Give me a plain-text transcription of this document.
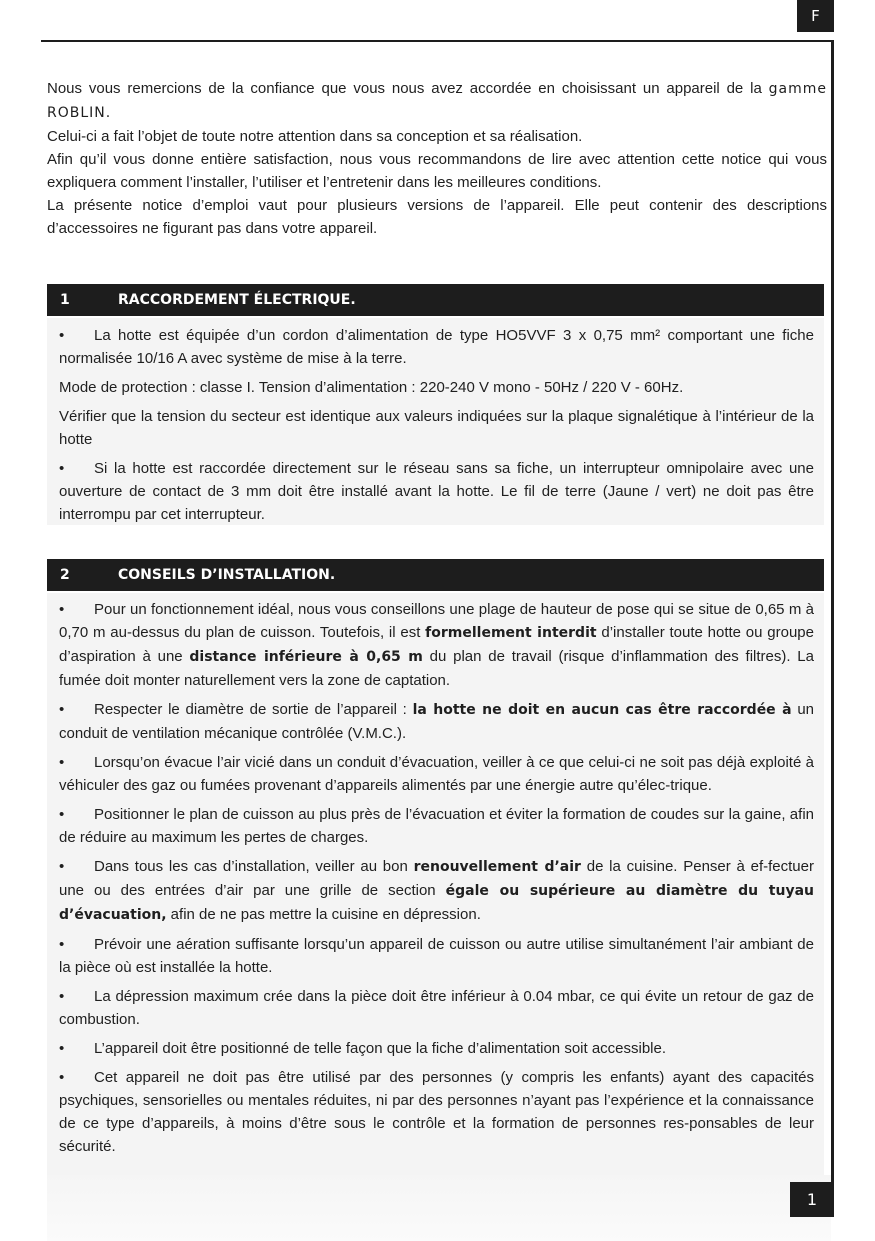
F

Nous vous remercions de la confiance que vous nous avez accordée en choisissant un appareil de la gamme ROBLIN.

Celui-ci a fait l’objet de toute notre attention dans sa conception et sa réalisation.

Afin qu’il vous donne entière satisfaction, nous vous recommandons de lire avec attention cette notice qui vous expliquera comment l’installer, l’utiliser et l’entretenir dans les meilleures conditions.

La présente notice d’emploi vaut pour plusieurs versions de l’appareil. Elle peut contenir des descriptions d’accessoires ne figurant pas dans votre appareil.

1	RACCORDEMENT ÉLECTRIQUE.

• La hotte est équipée d’un cordon d’alimentation de type HO5VVF 3 x 0,75 mm² comportant une fiche normalisée 10/16 A avec système de mise à la terre.

Mode de protection : classe I. Tension d’alimentation : 220-240 V mono - 50Hz / 220 V - 60Hz.

Vérifier que la tension du secteur est identique aux valeurs indiquées sur la plaque signalétique à l’intérieur de la hotte

• Si la hotte est raccordée directement sur le réseau sans sa fiche, un interrupteur omnipolaire avec une ouverture de contact de 3 mm doit être installé avant la hotte. Le fil de terre (Jaune / vert) ne doit pas être interrompu par cet interrupteur.

2	CONSEILS D’INSTALLATION.

• Pour un fonctionnement idéal, nous vous conseillons une plage de hauteur de pose qui se situe de 0,65 m à 0,70 m au-dessus du plan de cuisson. Toutefois, il est formellement interdit d’installer toute hotte ou groupe d’aspiration à une distance inférieure à 0,65 m du plan de travail (risque d’inflammation des filtres). La fumée doit monter naturellement vers la zone de captation.

• Respecter le diamètre de sortie de l’appareil : la hotte ne doit en aucun cas être raccordée à un conduit de ventilation mécanique contrôlée (V.M.C.).

• Lorsqu’on évacue l’air vicié dans un conduit d’évacuation, veiller à ce que celui-ci ne soit pas déjà exploité à véhiculer des gaz ou fumées provenant d’appareils alimentés par une énergie autre qu’élec-trique.

• Positionner le plan de cuisson au plus près de l’évacuation et éviter la formation de coudes sur la gaine, afin de réduire au maximum les pertes de charges.

• Dans tous les cas d’installation, veiller au bon renouvellement d’air de la cuisine. Penser à ef-fectuer une ou des entrées d’air par une grille de section égale ou supérieure au diamètre du tuyau d’évacuation, afin de ne pas mettre la cuisine en dépression.

• Prévoir une aération suffisante lorsqu’un appareil de cuisson ou autre utilise simultanément l’air ambiant de la pièce où est installée la hotte.

• La dépression maximum crée dans la pièce doit être inférieur à 0.04 mbar, ce qui évite un retour de gaz de combustion.

• L’appareil doit être positionné de telle façon que la fiche d’alimentation soit accessible.

• Cet appareil ne doit pas être utilisé par des personnes (y compris les enfants) ayant des capacités psychiques, sensorielles ou mentales réduites, ni par des personnes n’ayant pas l’expérience et la connaissance de ce type d’appareils, à moins d’être sous le contrôle et la formation de personnes res-ponsables de leur sécurité.

1
